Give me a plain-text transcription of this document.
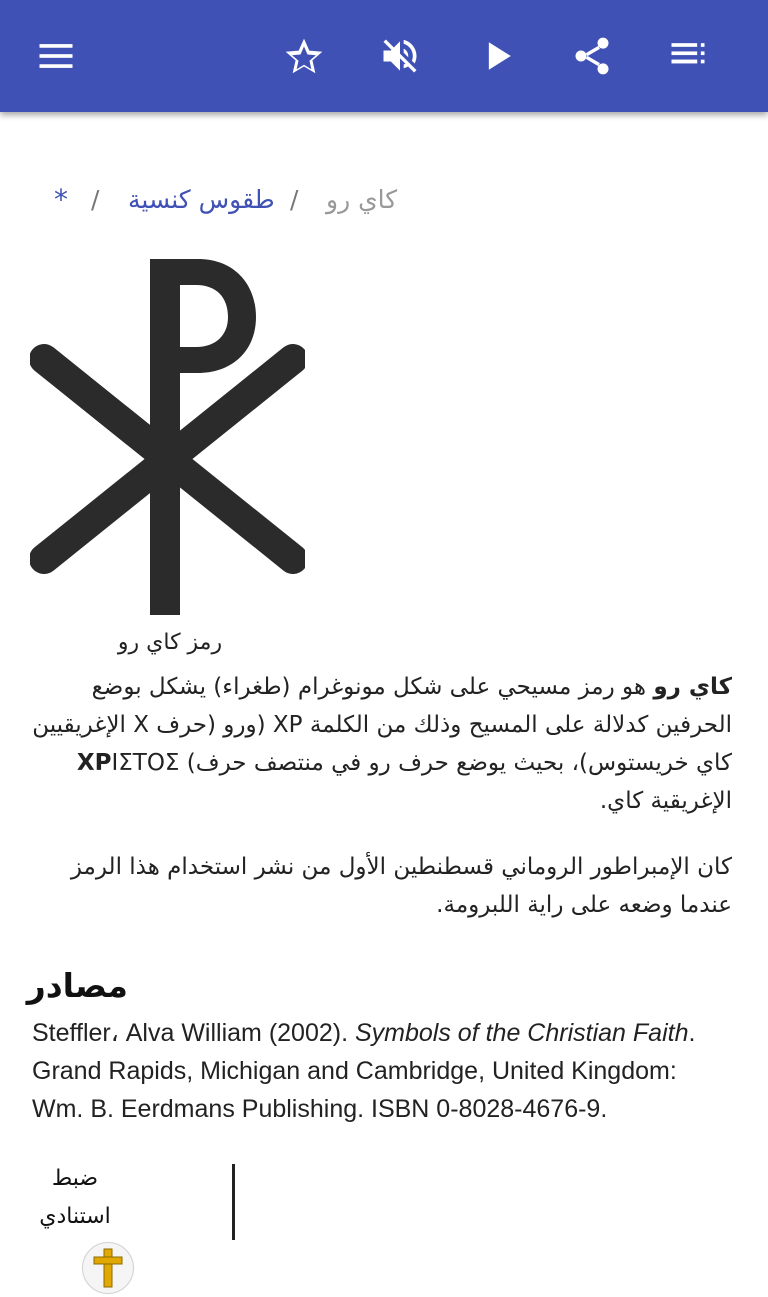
* / طقوس كنسية / كاي رو
رمز كاي رو

كاي رو هو رمز مسيحي على شكل مونوغرام (طغراء) يشكل بوضع الحرفين كدلالة على المسيح وذلك من الكلمة XP (ورو (حرف X الإغريقيين كاي خريستوس)، بحيث يوضع حرف رو في منتصف حرف) ΧΡΙΣΤΟΣ الإغريقية كاي.

كان الإمبراطور الروماني قسطنطين الأول من نشر استخدام هذا الرمز عندما وضعه على راية اللبرومة.

مصادر
Steffler، Alva William (2002). Symbols of the Christian Faith. Grand Rapids, Michigan and Cambridge, United Kingdom: Wm. B. Eerdmans Publishing. ISBN 0-8028-4676-9.
ضبط
استنادي
